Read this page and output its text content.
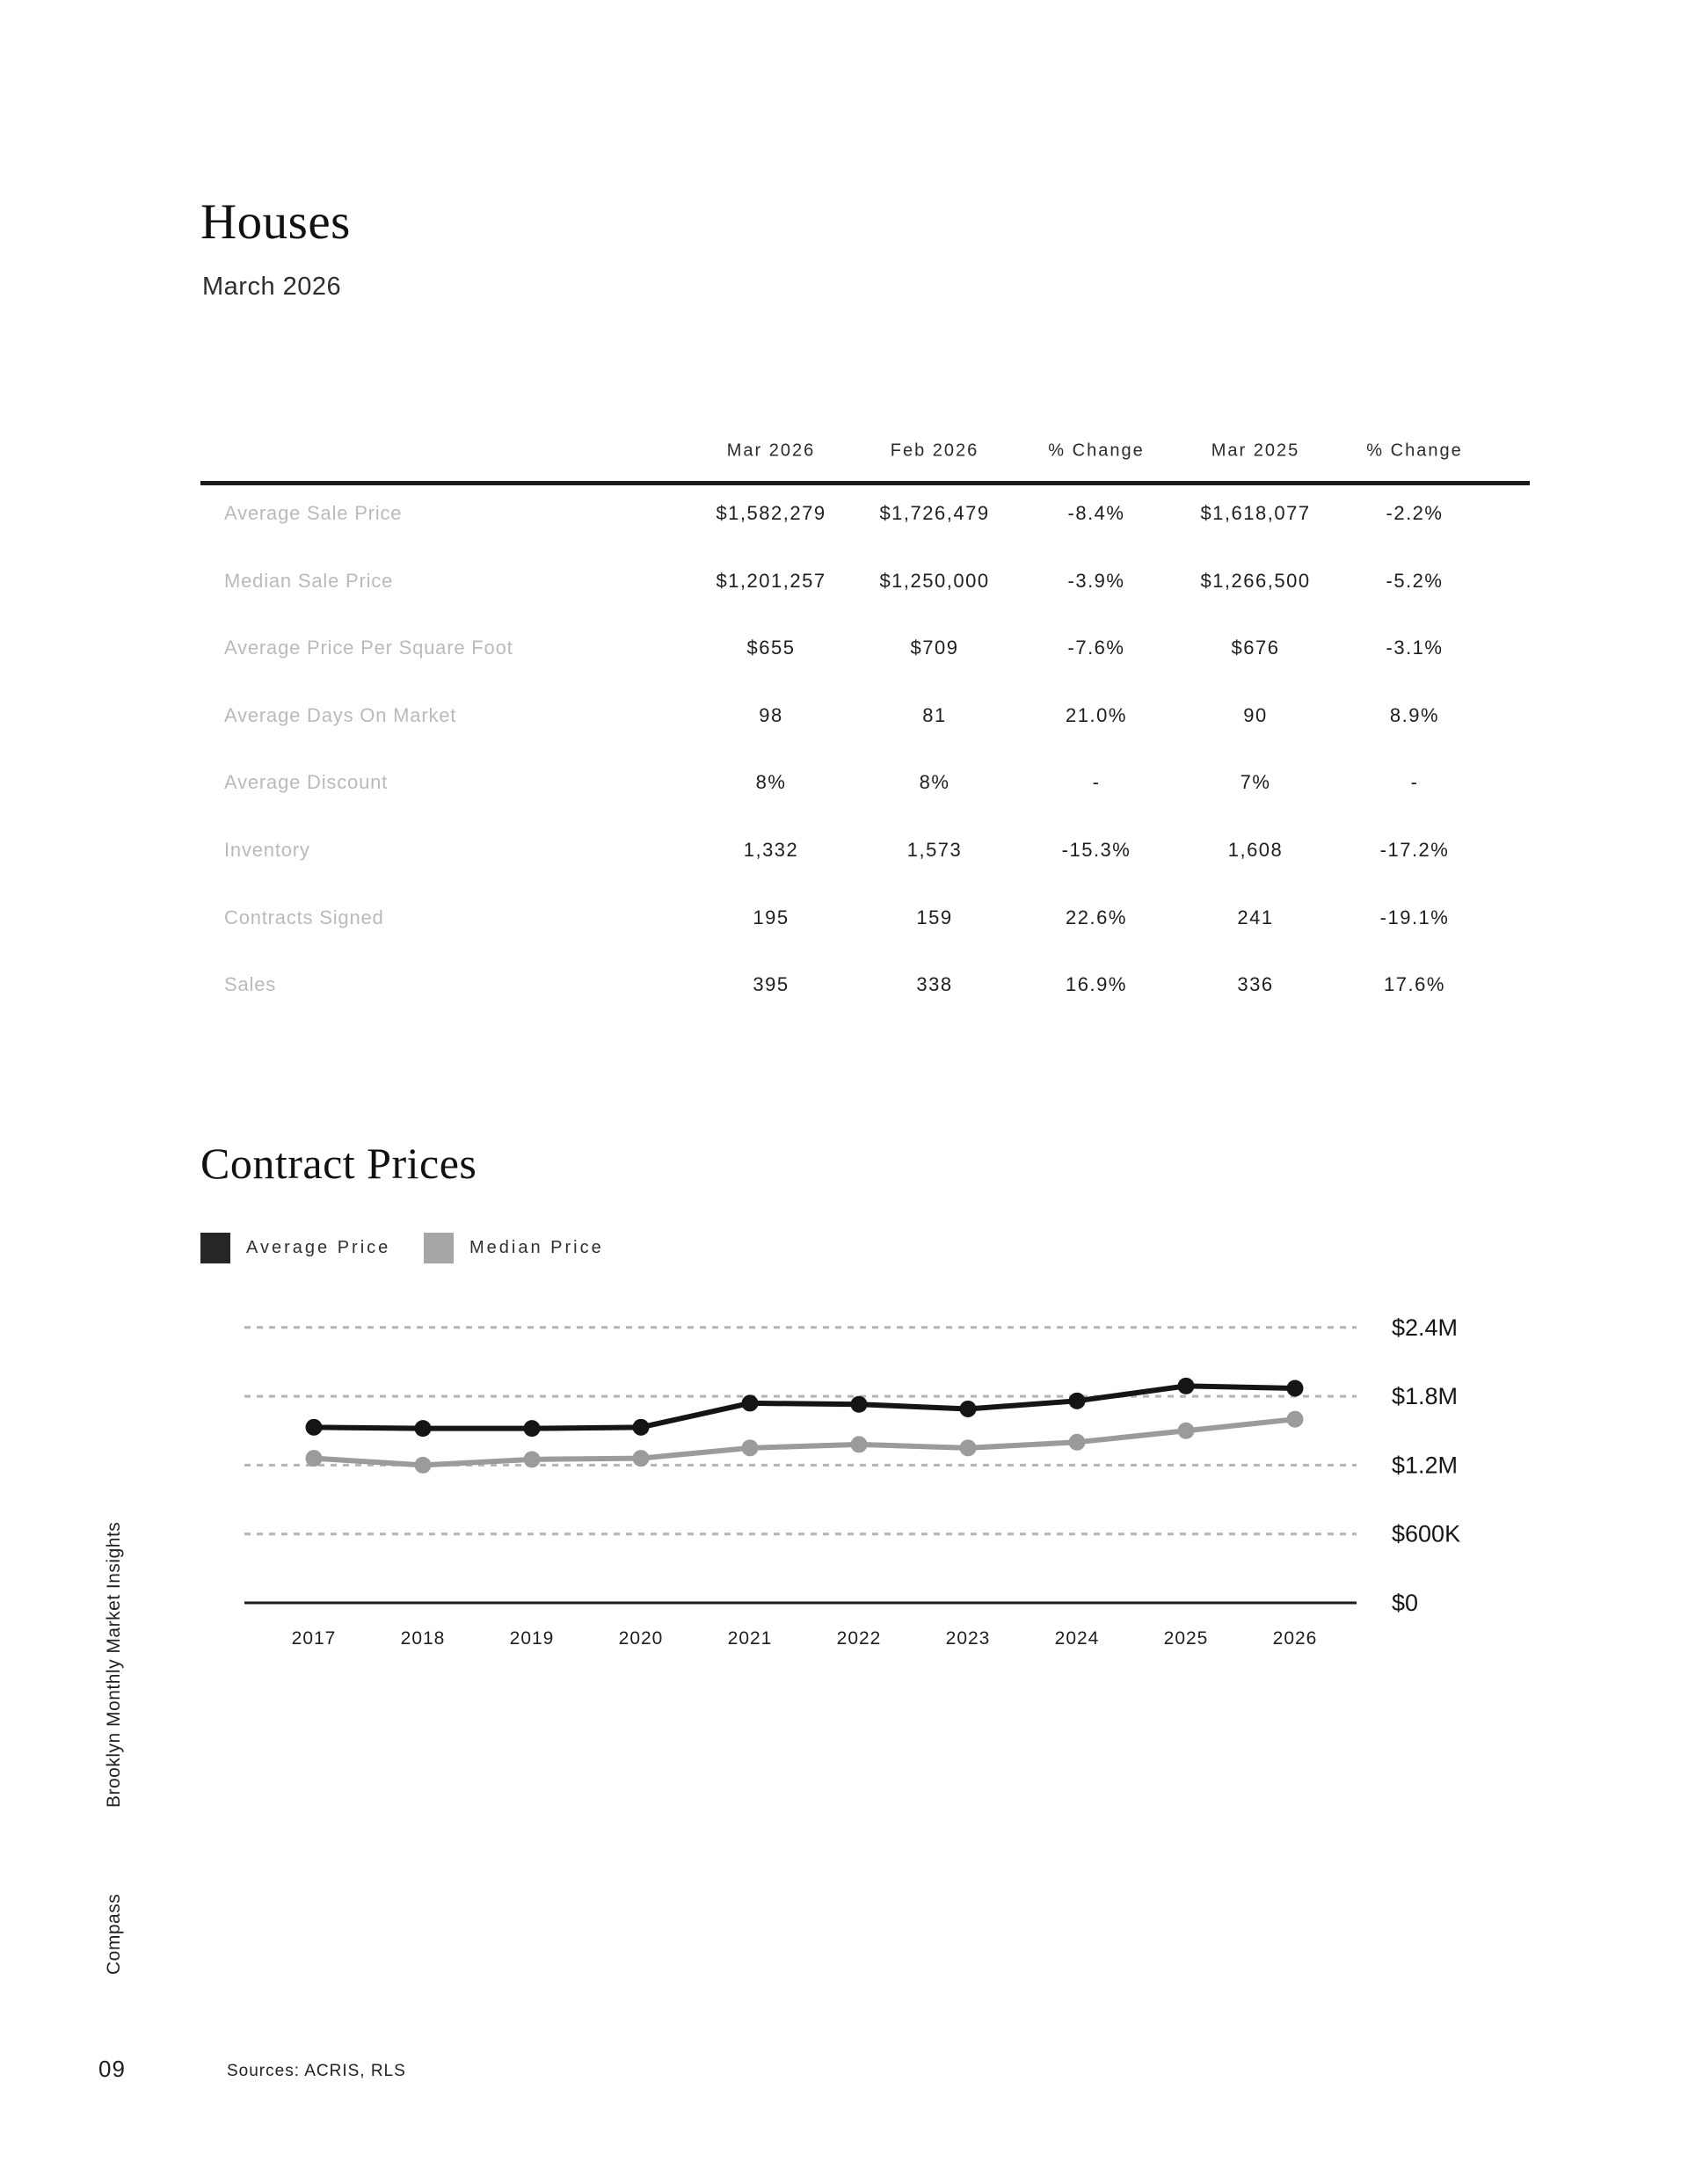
Houses
March 2026
Mar 2026	Feb 2026	% Change	Mar 2025	% Change
Average Sale Price	$1,582,279	$1,726,479	-8.4%	$1,618,077	-2.2%
Median Sale Price	$1,201,257	$1,250,000	-3.9%	$1,266,500	-5.2%
Average Price Per Square Foot	$655	$709	-7.6%	$676	-3.1%
Average Days On Market	98	81	21.0%	90	8.9%
Average Discount	8%	8%	-	7%	-
Inventory	1,332	1,573	-15.3%	1,608	-17.2%
Contracts Signed	195	159	22.6%	241	-19.1%
Sales	395	338	16.9%	336	17.6%
Contract Prices
Average Price	Median Price
$2.4M
$1.8M
$1.2M
$600K
$0
2017	2018	2019	2020	2021	2022	2023	2024	2025	2026
Brooklyn Monthly Market Insights
Compass
09	Sources: ACRIS, RLS
